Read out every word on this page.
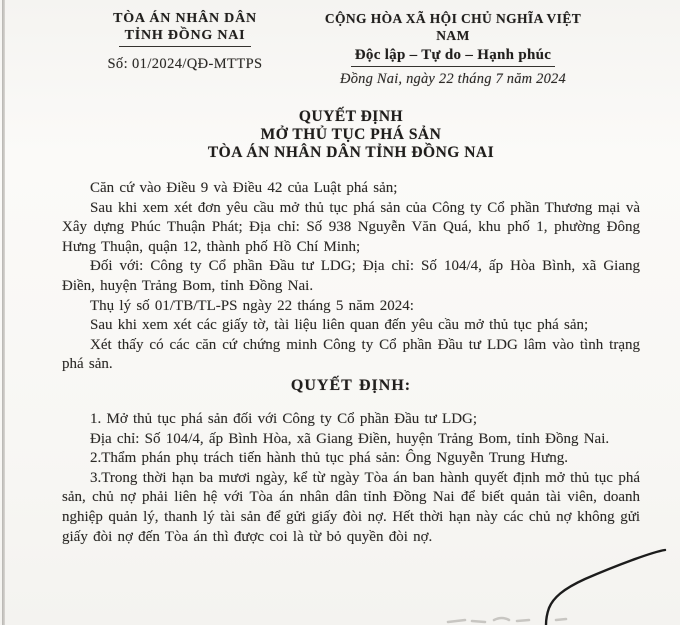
TÒA ÁN NHÂN DÂN
TỈNH ĐỒNG NAI
Số: 01/2024/QĐ-MTTPS
CỘNG HÒA XÃ HỘI CHỦ NGHĨA VIỆT NAM
Độc lập – Tự do – Hạnh phúc
Đồng Nai, ngày 22 tháng 7 năm 2024
QUYẾT ĐỊNH
MỞ THỦ TỤC PHÁ SẢN
TÒA ÁN NHÂN DÂN TỈNH ĐỒNG NAI

Căn cứ vào Điều 9 và Điều 42 của Luật phá sản;

Sau khi xem xét đơn yêu cầu mở thủ tục phá sản của Công ty Cổ phần Thương mại và Xây dựng Phúc Thuận Phát; Địa chỉ: Số 938 Nguyễn Văn Quá, khu phố 1, phường Đông Hưng Thuận, quận 12, thành phố Hồ Chí Minh;

Đối với: Công ty Cổ phần Đầu tư LDG; Địa chỉ: Số 104/4, ấp Hòa Bình, xã Giang Điền, huyện Trảng Bom, tỉnh Đồng Nai.

Thụ lý số 01/TB/TL-PS ngày 22 tháng 5 năm 2024:

Sau khi xem xét các giấy tờ, tài liệu liên quan đến yêu cầu mở thủ tục phá sản;

Xét thấy có các căn cứ chứng minh Công ty Cổ phần Đầu tư LDG lâm vào tình trạng phá sản.

QUYẾT ĐỊNH:

1. Mở thủ tục phá sản đối với Công ty Cổ phần Đầu tư LDG;

Địa chỉ: Số 104/4, ấp Bình Hòa, xã Giang Điền, huyện Trảng Bom, tỉnh Đồng Nai.

2.Thẩm phán phụ trách tiến hành thủ tục phá sản: Ông Nguyễn Trung Hưng.

3.Trong thời hạn ba mươi ngày, kể từ ngày Tòa án ban hành quyết định mở thủ tục phá sản, chủ nợ phải liên hệ với Tòa án nhân dân tỉnh Đồng Nai để biết quản tài viên, doanh nghiệp quản lý, thanh lý tài sản để gửi giấy đòi nợ. Hết thời hạn này các chủ nợ không gửi giấy đòi nợ đến Tòa án thì được coi là từ bỏ quyền đòi nợ.
